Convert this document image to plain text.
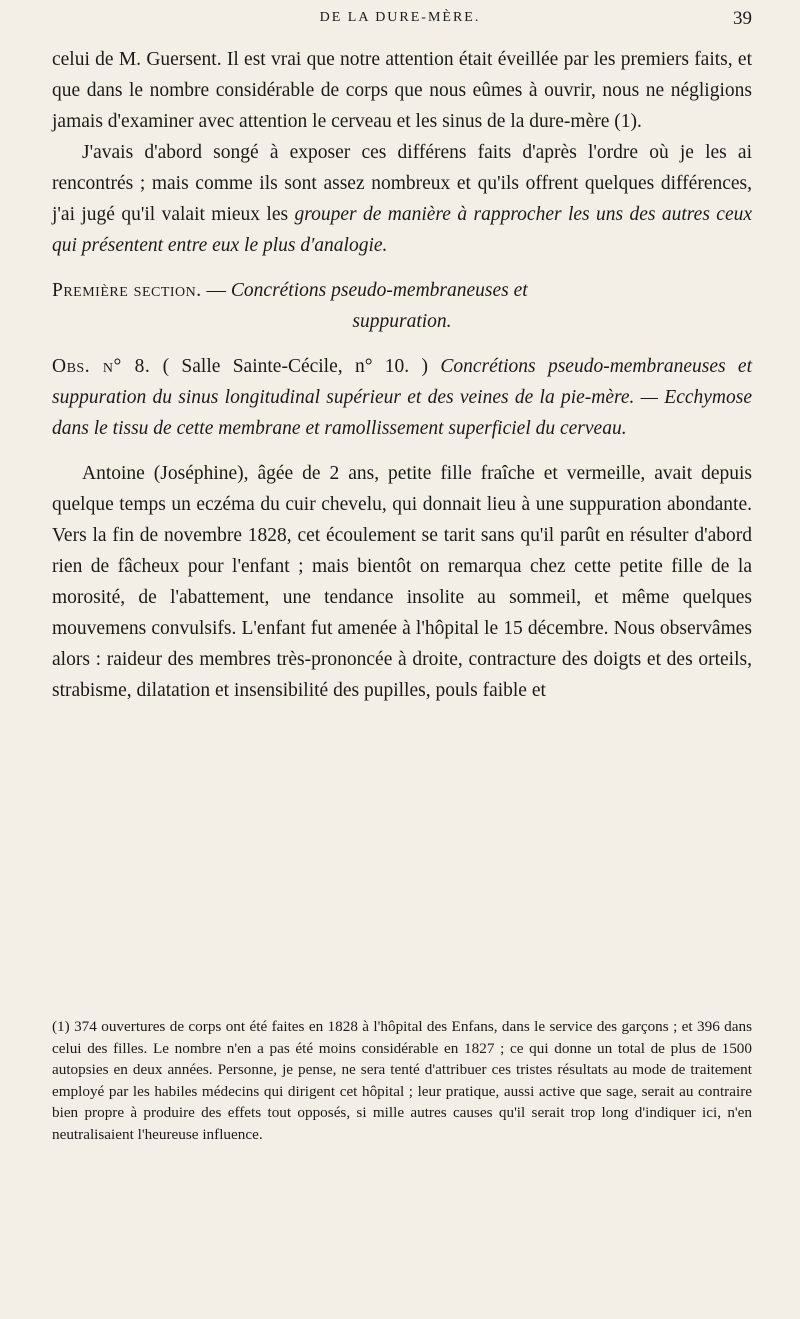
DE LA DURE-MÈRE.	39

celui de M. Guersent. Il est vrai que notre attention était éveillée par les premiers faits, et que dans le nombre considérable de corps que nous eûmes à ouvrir, nous ne négligions jamais d'examiner avec attention le cerveau et les sinus de la dure-mère (1).

J'avais d'abord songé à exposer ces différens faits d'après l'ordre où je les ai rencontrés ; mais comme ils sont assez nombreux et qu'ils offrent quelques différences, j'ai jugé qu'il valait mieux les grouper de manière à rapprocher les uns des autres ceux qui présentent entre eux le plus d'analogie.

Première section. — Concrétions pseudo-membraneuses et
suppuration.

Obs. n° 8. ( Salle Sainte-Cécile, n° 10. ) Concrétions pseudo-membraneuses et suppuration du sinus longitudinal supérieur et des veines de la pie-mère. — Ecchymose dans le tissu de cette membrane et ramollissement superficiel du cerveau.

Antoine (Joséphine), âgée de 2 ans, petite fille fraîche et vermeille, avait depuis quelque temps un eczéma du cuir chevelu, qui donnait lieu à une suppuration abondante. Vers la fin de novembre 1828, cet écoulement se tarit sans qu'il parût en résulter d'abord rien de fâcheux pour l'enfant ; mais bientôt on remarqua chez cette petite fille de la morosité, de l'abattement, une tendance insolite au sommeil, et même quelques mouvemens convulsifs. L'enfant fut amenée à l'hôpital le 15 décembre. Nous observâmes alors : raideur des membres très-prononcée à droite, contracture des doigts et des orteils, strabisme, dilatation et insensibilité des pupilles, pouls faible et

(1) 374 ouvertures de corps ont été faites en 1828 à l'hôpital des Enfans, dans le service des garçons ; et 396 dans celui des filles. Le nombre n'en a pas été moins considérable en 1827 ; ce qui donne un total de plus de 1500 autopsies en deux années. Personne, je pense, ne sera tenté d'attribuer ces tristes résultats au mode de traitement employé par les habiles médecins qui dirigent cet hôpital ; leur pratique, aussi active que sage, serait au contraire bien propre à produire des effets tout opposés, si mille autres causes qu'il serait trop long d'indiquer ici, n'en neutralisaient l'heureuse influence.
